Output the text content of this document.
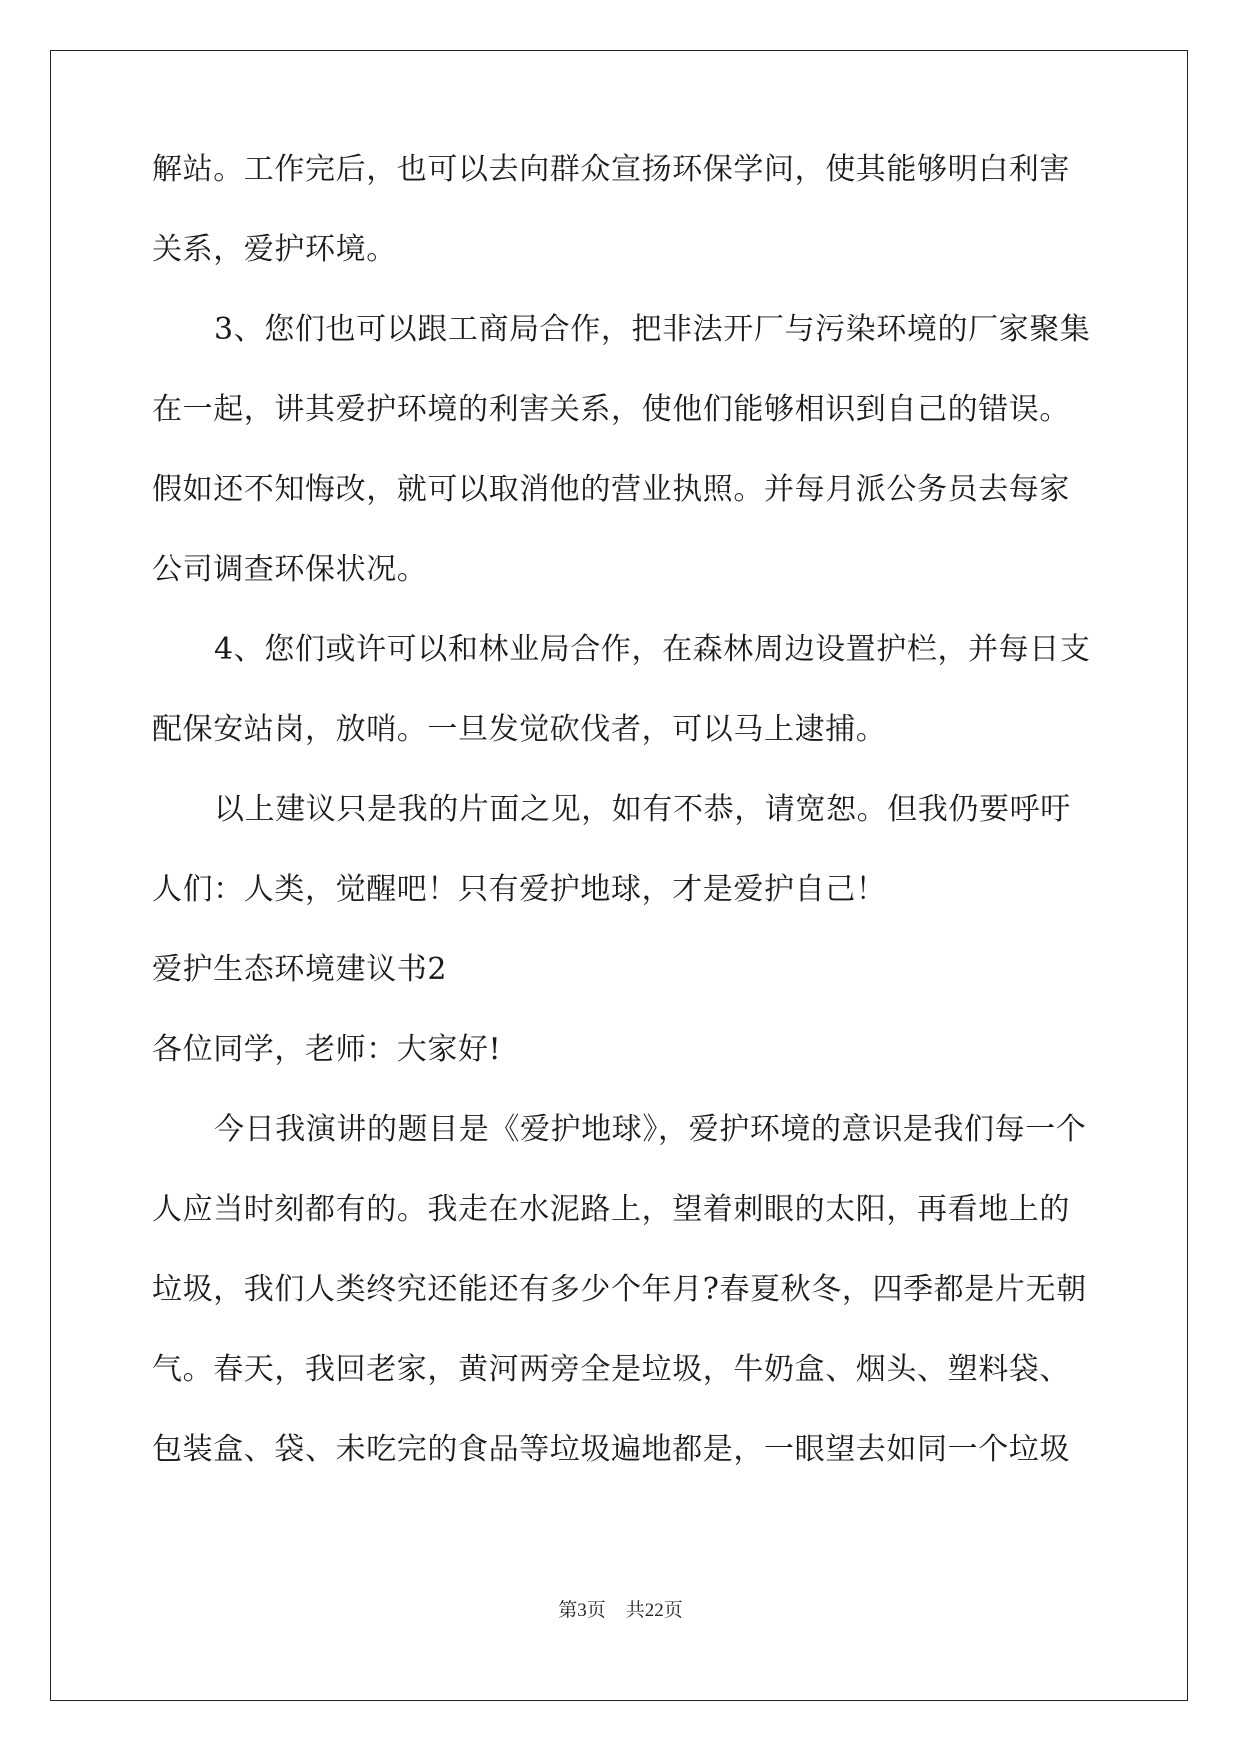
解站。工作完后，也可以去向群众宣扬环保学问，使其能够明白利害
关系，爱护环境。
3、您们也可以跟工商局合作，把非法开厂与污染环境的厂家聚集
在一起，讲其爱护环境的利害关系，使他们能够相识到自己的错误。
假如还不知悔改，就可以取消他的营业执照。并每月派公务员去每家
公司调查环保状况。
4、您们或许可以和林业局合作，在森林周边设置护栏，并每日支
配保安站岗，放哨。一旦发觉砍伐者，可以马上逮捕。
以上建议只是我的片面之见，如有不恭，请宽恕。但我仍要呼吁
人们：人类，觉醒吧！只有爱护地球，才是爱护自己！
爱护生态环境建议书2
各位同学，老师：大家好!
今日我演讲的题目是《爱护地球》，爱护环境的意识是我们每一个
人应当时刻都有的。我走在水泥路上，望着刺眼的太阳，再看地上的
垃圾，我们人类终究还能还有多少个年月?春夏秋冬，四季都是片无朝
气。春天，我回老家，黄河两旁全是垃圾，牛奶盒、烟头、塑料袋、
包装盒、袋、未吃完的食品等垃圾遍地都是，一眼望去如同一个垃圾
第3页 共22页
